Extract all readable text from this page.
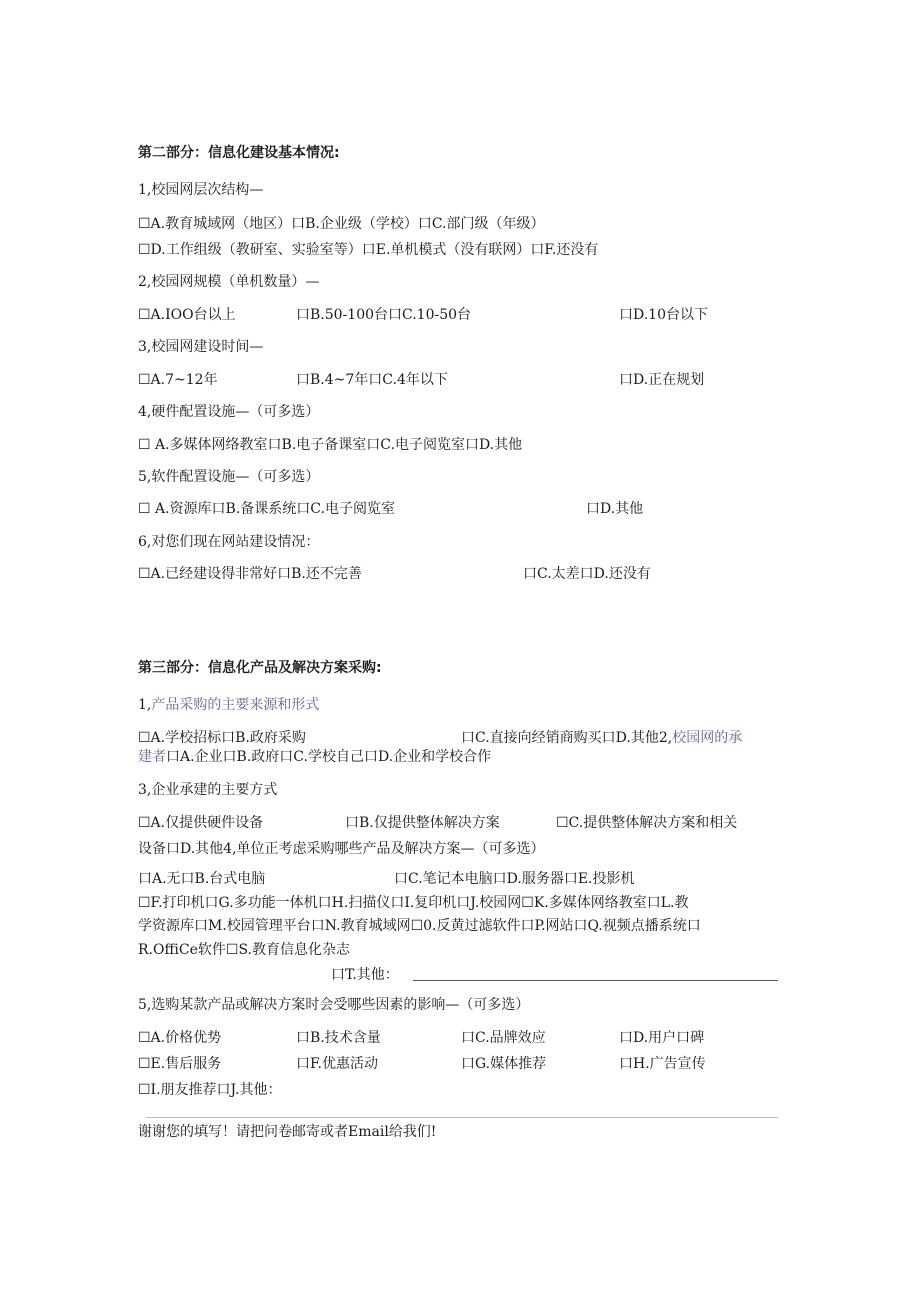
第二部分：信息化建设基本情况:
1,校园网层次结构—
☐A.教育城域网（地区）口B.企业级（学校）口C.部门级（年级）
☐D.工作组级（教研室、实验室等）口E.单机模式（没有联网）口F.还没有
2,校园网规模（单机数量）—
☐A.IOO台以上	口B.50-100台口C.10-50台	口D.10台以下
3,校园网建设时间—
☐A.7~12年	口B.4~7年口C.4年以下	口D.正在规划
4,硬件配置设施—（可多选）
☐ A.多媒体网络教室口B.电子备课室口C.电子阅览室口D.其他
5,软件配置设施—（可多选）
☐ A.资源库口B.备课系统口C.电子阅览室	口D.其他
6,对您们现在网站建设情况：
☐A.已经建设得非常好口B.还不完善	口C.太差口D.还没有
第三部分：信息化产品及解决方案采购:
1,产品采购的主要来源和形式
☐A.学校招标口B.政府采购	口C.直接向经销商购买口D.其他2,校园网的承
建者口A.企业口B.政府口C.学校自己口D.企业和学校合作
3,企业承建的主要方式
☐A.仅提供硬件设备	口B.仅提供整体解决方案	☐C.提供整体解决方案和相关
设备口D.其他4,单位正考虑采购哪些产品及解决方案—（可多选）
口A.无口B.台式电脑	口C.笔记本电脑口D.服务器口E.投影机
☐F.打印机口G.多功能一体机口H.扫描仪口I.复印机口J.校园网☐K.多媒体网络教室口L.教
学资源库口M.校园管理平台口N.教育城域网☐0.反黄过滤软件口P.网站口Q.视频点播系统口
R.OffiCe软件☐S.教育信息化杂志
口T.其他：
5,选购某款产品或解决方案时会受哪些因素的影响—（可多选）
☐A.价格优势	口B.技术含量	口C.品牌效应	口D.用户口碑
☐E.售后服务	口F.优惠活动	口G.媒体推荐	口H.广告宣传
☐I.朋友推荐口J.其他：
谢谢您的填写！请把问卷邮寄或者Email给我们!
